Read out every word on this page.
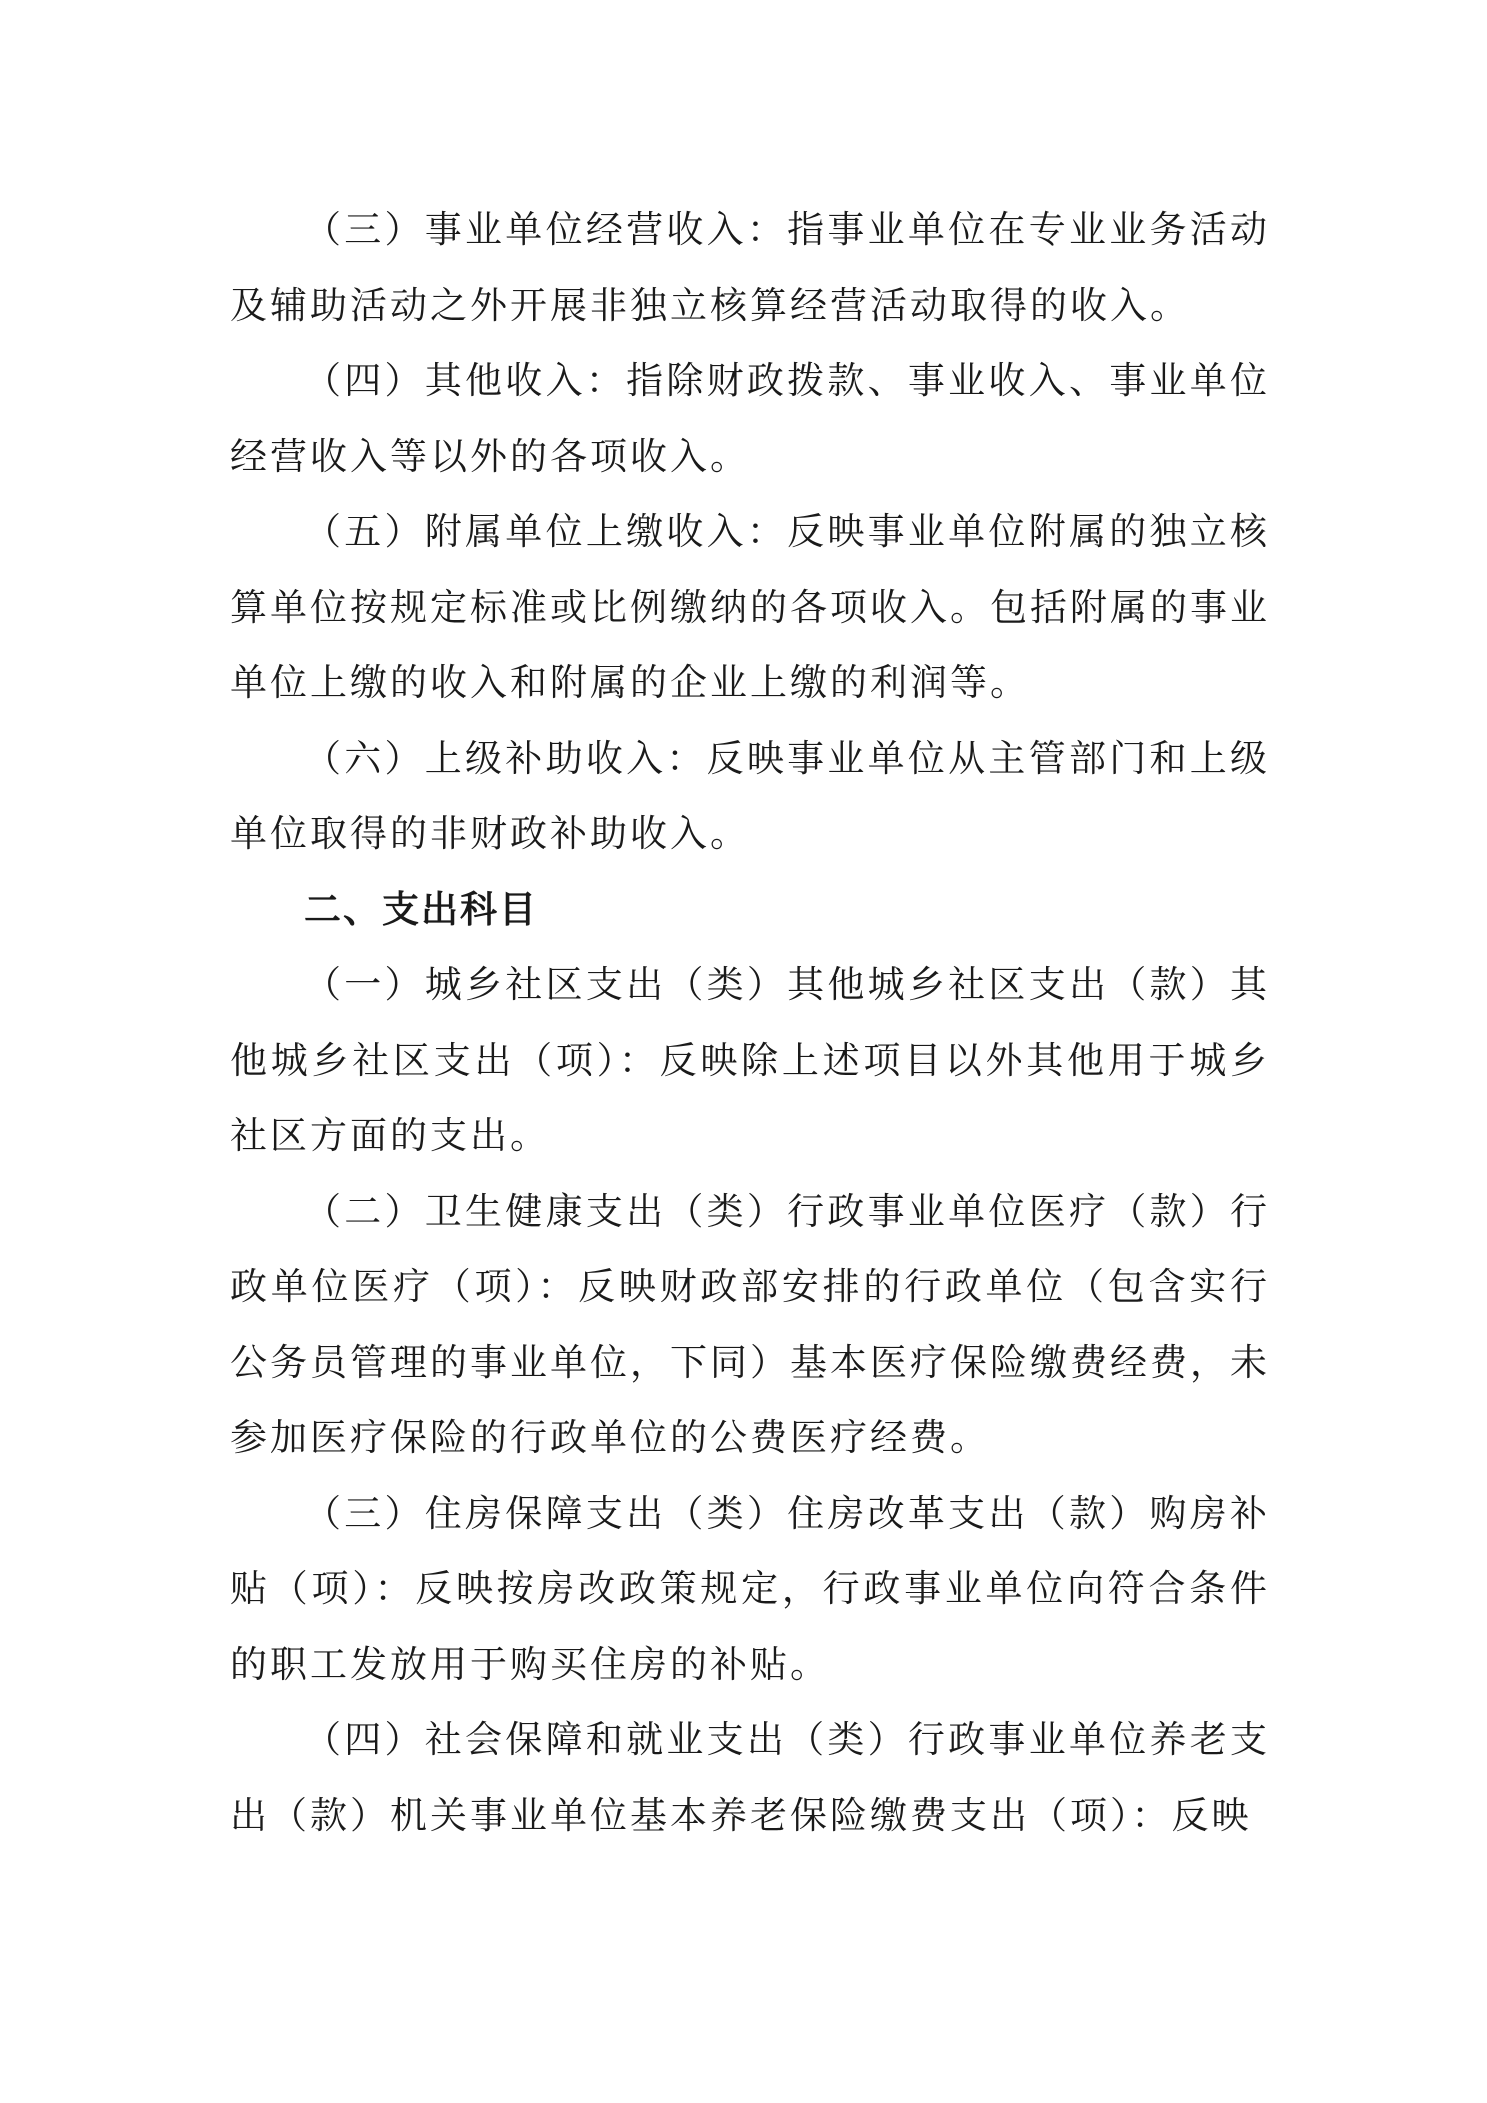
（三）事业单位经营收入：指事业单位在专业业务活动及辅助活动之外开展非独立核算经营活动取得的收入。

（四）其他收入：指除财政拨款、事业收入、事业单位经营收入等以外的各项收入。

（五）附属单位上缴收入：反映事业单位附属的独立核算单位按规定标准或比例缴纳的各项收入。包括附属的事业单位上缴的收入和附属的企业上缴的利润等。

（六）上级补助收入：反映事业单位从主管部门和上级单位取得的非财政补助收入。

二、支出科目

（一）城乡社区支出（类）其他城乡社区支出（款）其他城乡社区支出（项）：反映除上述项目以外其他用于城乡社区方面的支出。

（二）卫生健康支出（类）行政事业单位医疗（款）行政单位医疗（项）：反映财政部安排的行政单位（包含实行公务员管理的事业单位，下同）基本医疗保险缴费经费，未参加医疗保险的行政单位的公费医疗经费。

（三）住房保障支出（类）住房改革支出（款）购房补贴（项）：反映按房改政策规定，行政事业单位向符合条件的职工发放用于购买住房的补贴。

（四）社会保障和就业支出（类）行政事业单位养老支出（款）机关事业单位基本养老保险缴费支出（项）：反映
